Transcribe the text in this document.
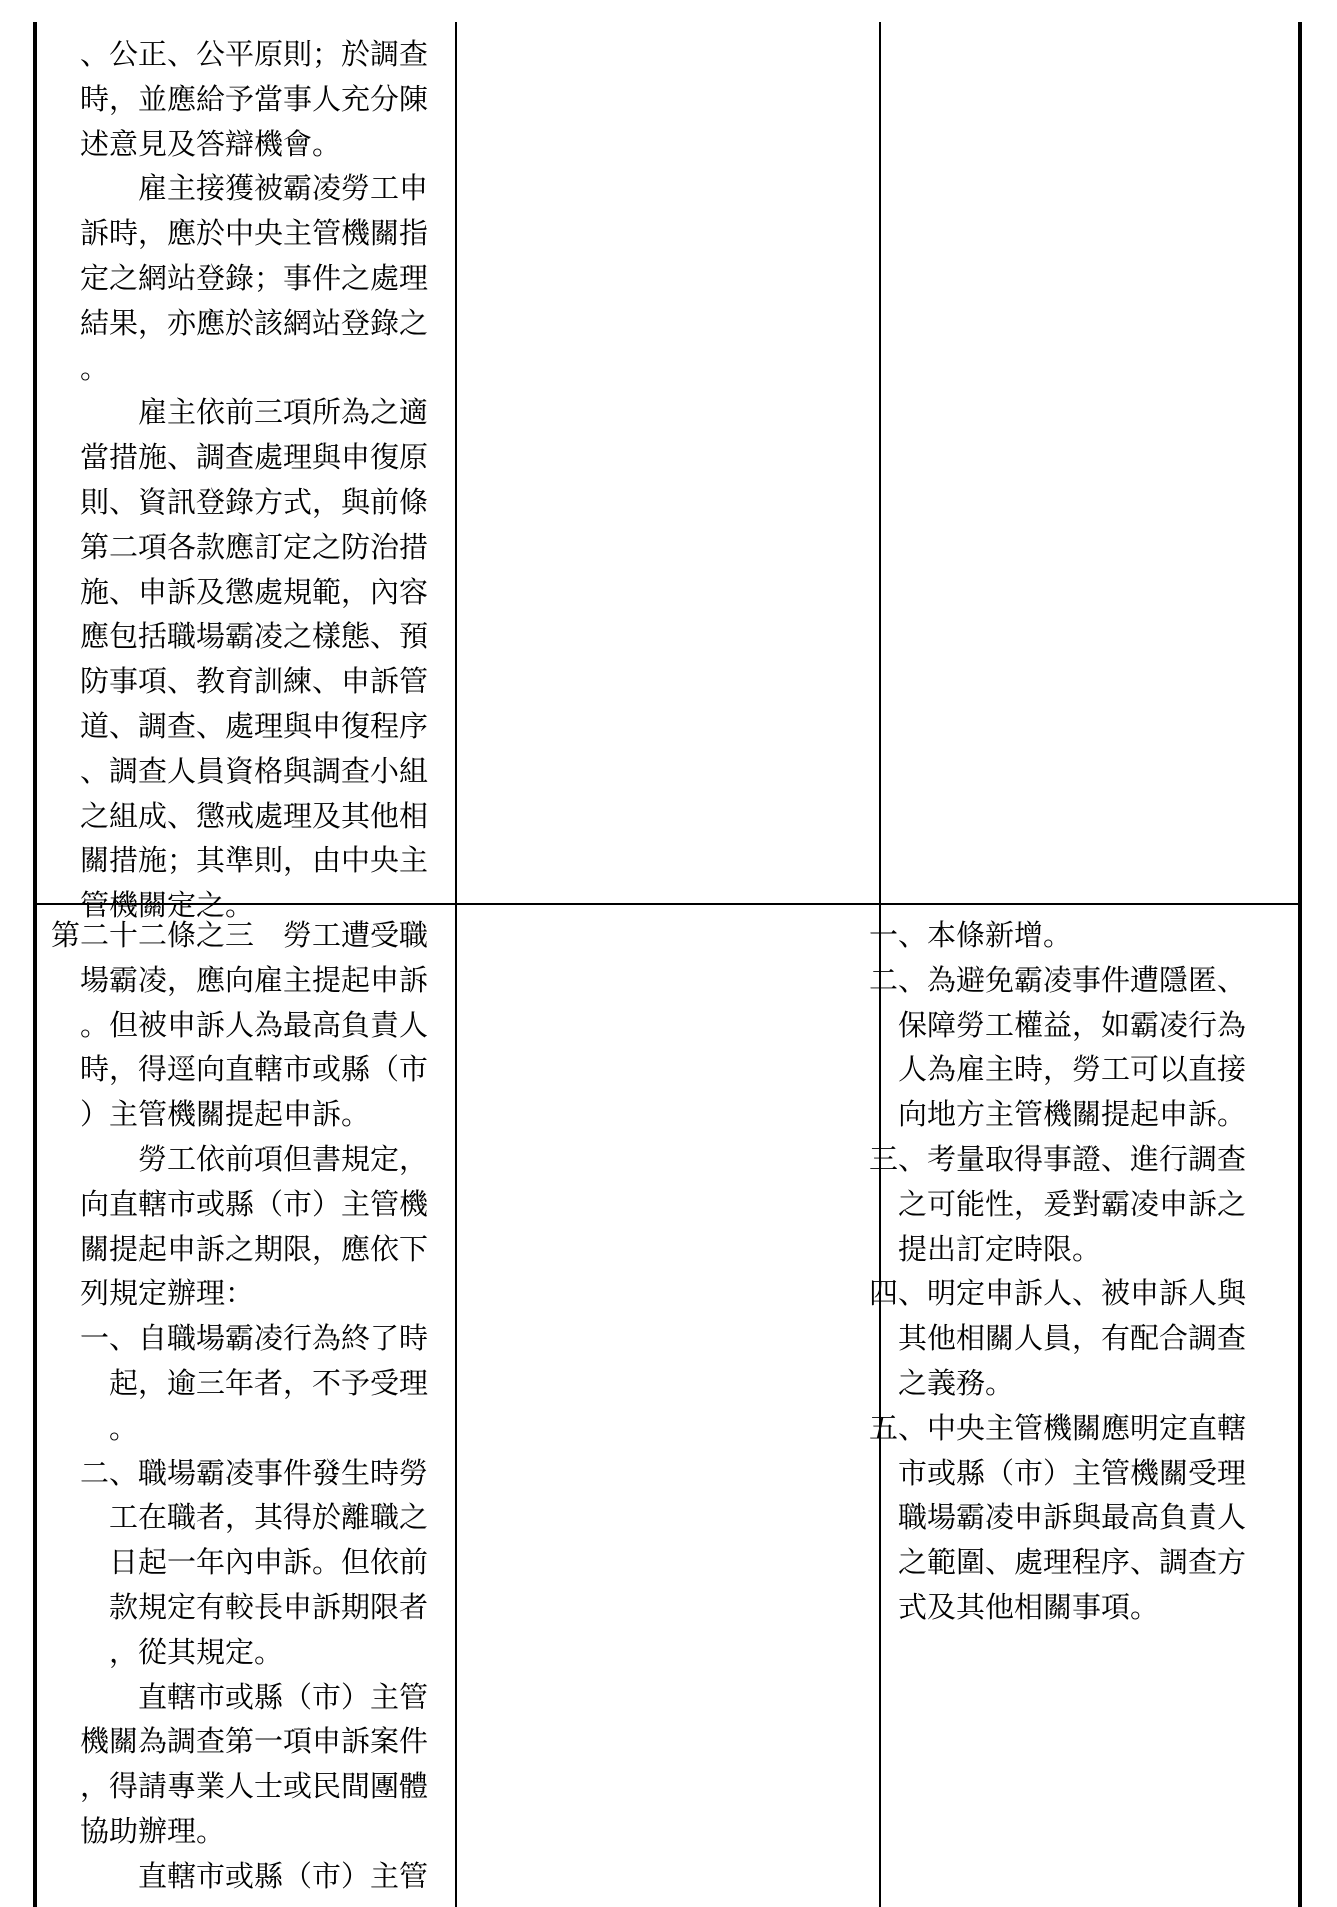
、公正、公平原則；於調查
時，並應給予當事人充分陳
述意見及答辯機會。
雇主接獲被霸凌勞工申
訴時，應於中央主管機關指
定之網站登錄；事件之處理
結果，亦應於該網站登錄之
。
雇主依前三項所為之適
當措施、調查處理與申復原
則、資訊登錄方式，與前條
第二項各款應訂定之防治措
施、申訴及懲處規範，內容
應包括職場霸凌之樣態、預
防事項、教育訓練、申訴管
道、調查、處理與申復程序
、調查人員資格與調查小組
之組成、懲戒處理及其他相
關措施；其準則，由中央主
管機關定之。
第二十二條之三　勞工遭受職
場霸凌，應向雇主提起申訴
。但被申訴人為最高負責人
時，得逕向直轄市或縣（市
）主管機關提起申訴。
勞工依前項但書規定，
向直轄市或縣（市）主管機
關提起申訴之期限，應依下
列規定辦理：
一、自職場霸凌行為終了時
起，逾三年者，不予受理
。
二、職場霸凌事件發生時勞
工在職者，其得於離職之
日起一年內申訴。但依前
款規定有較長申訴期限者
，從其規定。
直轄市或縣（市）主管
機關為調查第一項申訴案件
，得請專業人士或民間團體
協助辦理。
直轄市或縣（市）主管
一、本條新增。
二、為避免霸凌事件遭隱匿、
保障勞工權益，如霸凌行為
人為雇主時，勞工可以直接
向地方主管機關提起申訴。
三、考量取得事證、進行調查
之可能性，爰對霸凌申訴之
提出訂定時限。
四、明定申訴人、被申訴人與
其他相關人員，有配合調查
之義務。
五、中央主管機關應明定直轄
市或縣（市）主管機關受理
職場霸凌申訴與最高負責人
之範圍、處理程序、調查方
式及其他相關事項。
